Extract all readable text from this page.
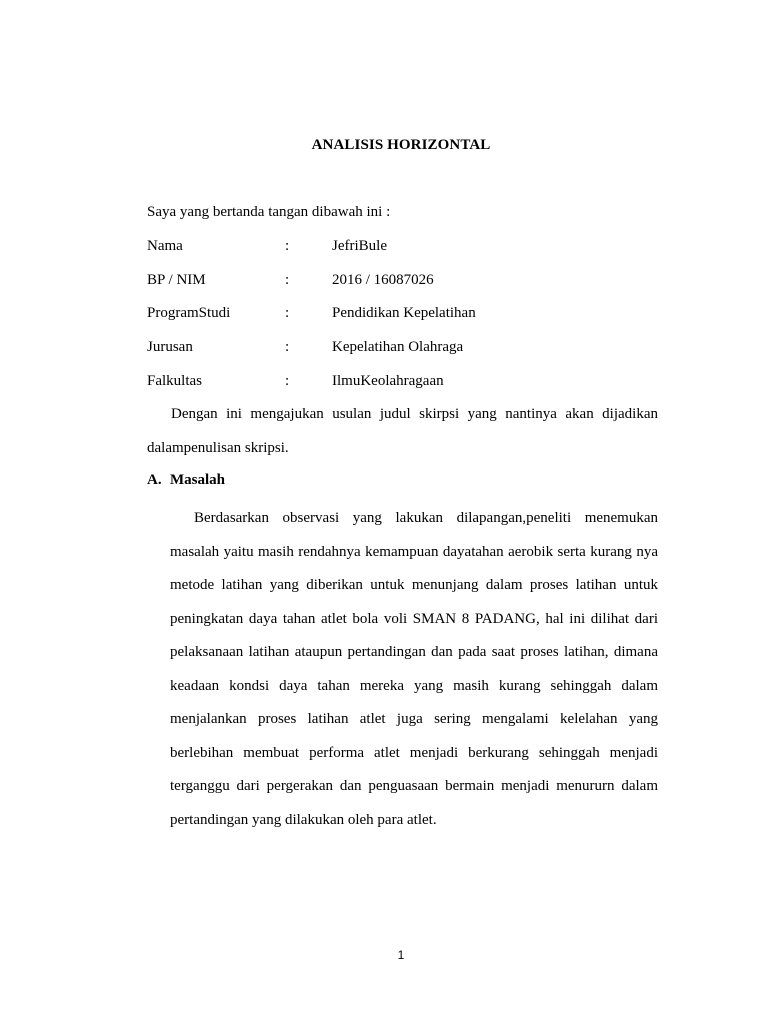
ANALISIS HORIZONTAL
Saya yang bertanda tangan dibawah ini :
Nama	:	JefriBule
BP / NIM	:	2016 / 16087026
ProgramStudi	:	Pendidikan Kepelatihan
Jurusan	:	Kepelatihan Olahraga
Falkultas	:	IlmuKeolahragaan

Dengan ini mengajukan usulan judul skirpsi yang nantinya akan dijadikan dalampenulisan skripsi.

A. Masalah

Berdasarkan observasi yang lakukan dilapangan,peneliti menemukan masalah yaitu masih rendahnya kemampuan dayatahan aerobik serta kurang nya metode latihan yang diberikan untuk menunjang dalam proses latihan untuk peningkatan daya tahan atlet bola voli SMAN 8 PADANG, hal ini dilihat dari pelaksanaan latihan ataupun pertandingan dan pada saat proses latihan, dimana keadaan kondsi daya tahan mereka yang masih kurang sehinggah dalam menjalankan proses latihan atlet juga sering mengalami kelelahan yang berlebihan membuat performa atlet menjadi berkurang sehinggah menjadi terganggu dari pergerakan dan penguasaan bermain menjadi menururn dalam pertandingan yang dilakukan oleh para atlet.

1
